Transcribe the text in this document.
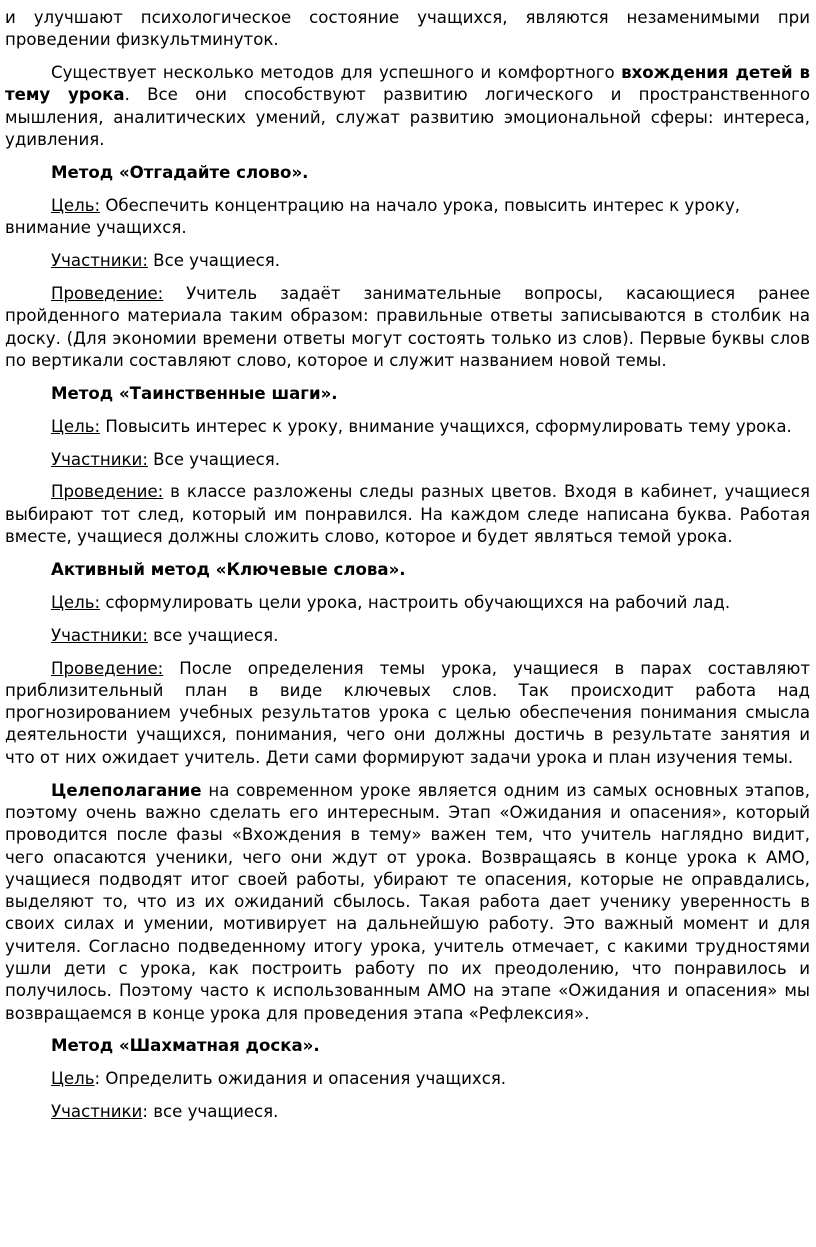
и улучшают психологическое состояние учащихся, являются незаменимыми при проведении физкультминуток.

Существует несколько методов для успешного и комфортного вхождения детей в тему урока. Все они способствуют развитию логического и пространственного мышления, аналитических умений, служат развитию эмоциональной сферы: интереса, удивления.

Метод «Отгадайте слово».

Цель: Обеспечить концентрацию на начало урока, повысить интерес к уроку, внимание учащихся.

Участники: Все учащиеся.

Проведение: Учитель задаёт занимательные вопросы, касающиеся ранее пройденного материала таким образом: правильные ответы записываются в столбик на доску. (Для экономии времени ответы могут состоять только из слов). Первые буквы слов по вертикали составляют слово, которое и служит названием новой темы.

Метод «Таинственные шаги».

Цель: Повысить интерес к уроку, внимание учащихся, сформулировать тему урока.

Участники: Все учащиеся.

Проведение: в классе разложены следы разных цветов. Входя в кабинет, учащиеся выбирают тот след, который им понравился. На каждом следе написана буква. Работая вместе, учащиеся должны сложить слово, которое и будет являться темой урока.

Активный метод «Ключевые слова».

Цель: сформулировать цели урока, настроить обучающихся на рабочий лад.

Участники: все учащиеся.

Проведение: После определения темы урока, учащиеся в парах составляют приблизительный план в виде ключевых слов. Так происходит работа над прогнозированием учебных результатов урока с целью обеспечения понимания смысла деятельности учащихся, понимания, чего они должны достичь в результате занятия и что от них ожидает учитель. Дети сами формируют задачи урока и план изучения темы.

Целеполагание на современном уроке является одним из самых основных этапов, поэтому очень важно сделать его интересным. Этап «Ожидания и опасения», который проводится после фазы «Вхождения в тему» важен тем, что учитель наглядно видит, чего опасаются ученики, чего они ждут от урока. Возвращаясь в конце урока к АМО, учащиеся подводят итог своей работы, убирают те опасения, которые не оправдались, выделяют то, что из их ожиданий сбылось. Такая работа дает ученику уверенность в своих силах и умении, мотивирует на дальнейшую работу. Это важный момент и для учителя. Согласно подведенному итогу урока, учитель отмечает, с какими трудностями ушли дети с урока, как построить работу по их преодолению, что понравилось и получилось. Поэтому часто к использованным АМО на этапе «Ожидания и опасения» мы возвращаемся в конце урока для проведения этапа «Рефлексия».

Метод «Шахматная доска».

Цель: Определить ожидания и опасения учащихся.

Участники: все учащиеся.
